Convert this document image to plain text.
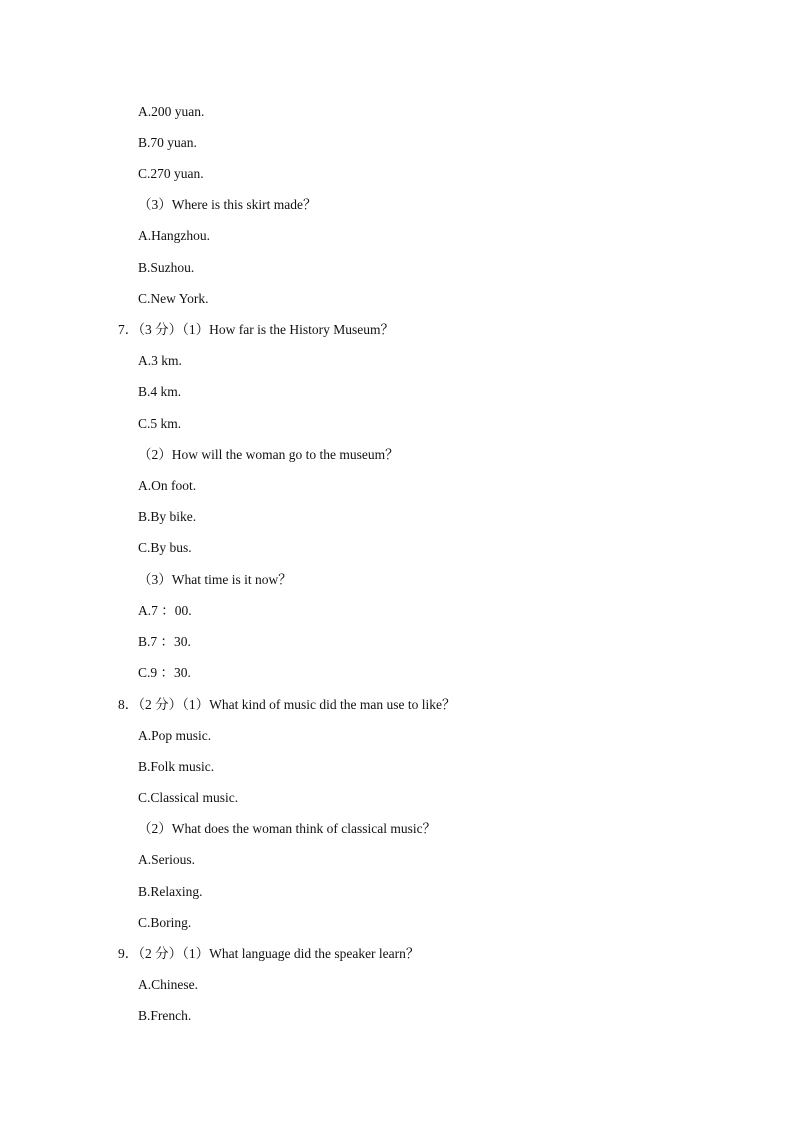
A.200 yuan.
B.70 yuan.
C.270 yuan.
（3）Where is this skirt made？
A.Hangzhou.
B.Suzhou.
C.New York.
7．（3 分）（1）How far is the History Museum？
A.3 km.
B.4 km.
C.5 km.
（2）How will the woman go to the museum？
A.On foot.
B.By bike.
C.By bus.
（3）What time is it now？
A.7 ：00.
B.7 ：30.
C.9 ：30.
8．（2 分）（1）What kind of music did the man use to like？
A.Pop music.
B.Folk music.
C.Classical music.
（2）What does the woman think of classical music？
A.Serious.
B.Relaxing.
C.Boring.
9．（2 分）（1）What language did the speaker learn？
A.Chinese.
B.French.
